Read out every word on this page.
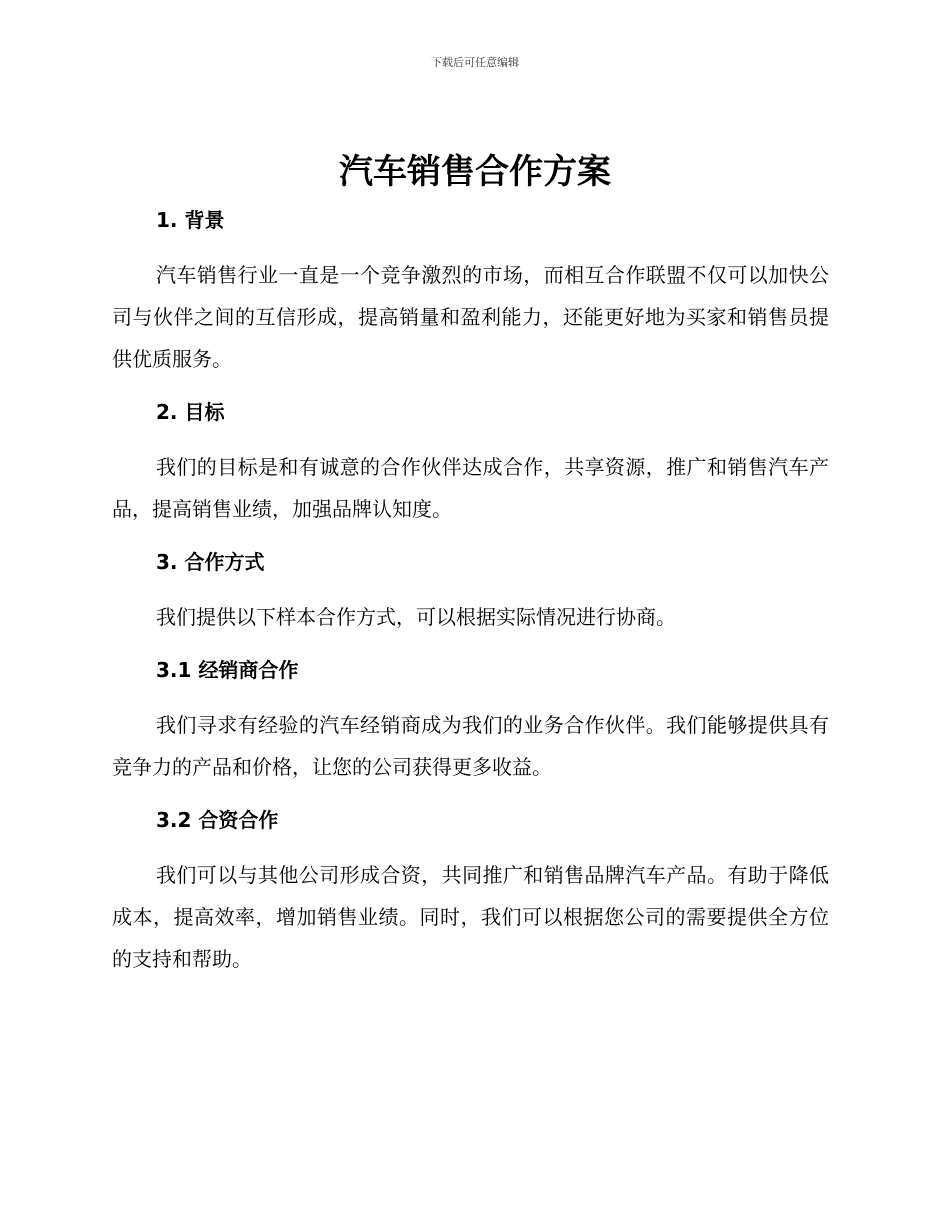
下载后可任意编辑
汽车销售合作方案
1. 背景

汽车销售行业一直是一个竞争激烈的市场，而相互合作联盟不仅可以加快公司与伙伴之间的互信形成，提高销量和盈利能力，还能更好地为买家和销售员提供优质服务。

2. 目标

我们的目标是和有诚意的合作伙伴达成合作，共享资源，推广和销售汽车产品，提高销售业绩，加强品牌认知度。

3. 合作方式

我们提供以下样本合作方式，可以根据实际情况进行协商。

3.1 经销商合作

我们寻求有经验的汽车经销商成为我们的业务合作伙伴。我们能够提供具有竞争力的产品和价格，让您的公司获得更多收益。

3.2 合资合作

我们可以与其他公司形成合资，共同推广和销售品牌汽车产品。有助于降低成本，提高效率，增加销售业绩。同时，我们可以根据您公司的需要提供全方位的支持和帮助。
